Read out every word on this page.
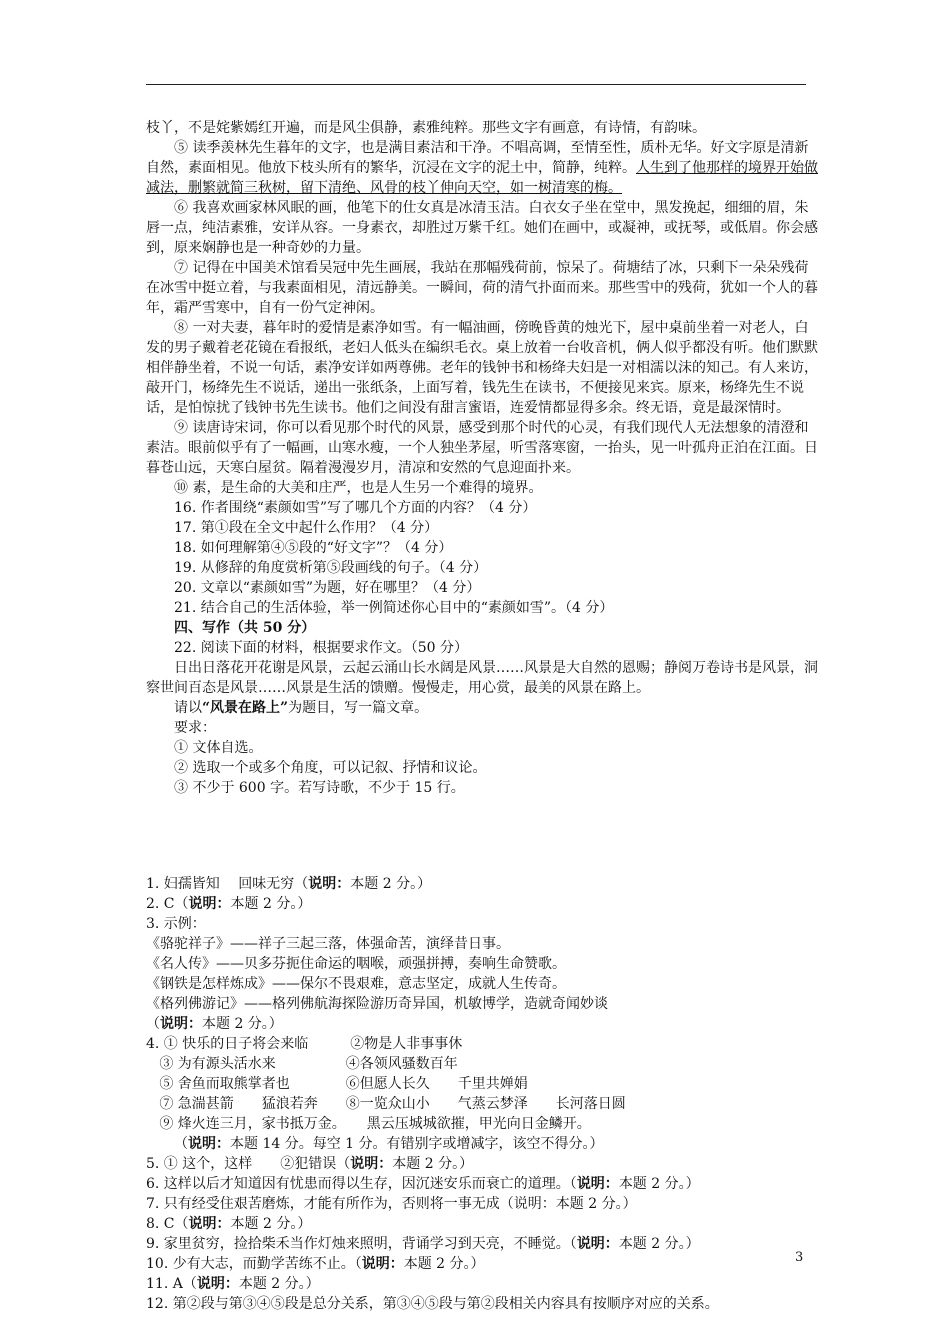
枝丫，不是姹紫嫣红开遍，而是风尘俱静，素雅纯粹。那些文字有画意，有诗情，有韵味。

⑤ 读季羡林先生暮年的文字，也是满目素洁和干净。不唱高调，至情至性，质朴无华。好文字原是清新自然，素面相见。他放下枝头所有的繁华，沉浸在文字的泥土中，简静，纯粹。人生到了他那样的境界开始做减法，删繁就简三秋树，留下清绝、风骨的枝丫伸向天空，如一树清寒的梅。

⑥ 我喜欢画家林风眠的画，他笔下的仕女真是冰清玉洁。白衣女子坐在堂中，黑发挽起，细细的眉，朱唇一点，纯洁素雅，安详从容。一身素衣，却胜过万紫千红。她们在画中，或凝神，或抚琴，或低眉。你会感到，原来娴静也是一种奇妙的力量。

⑦ 记得在中国美术馆看吴冠中先生画展，我站在那幅残荷前，惊呆了。荷塘结了冰，只剩下一朵朵残荷在冰雪中挺立着，与我素面相见，清远静美。一瞬间，荷的清气扑面而来。那些雪中的残荷，犹如一个人的暮年，霜严雪寒中，自有一份气定神闲。

⑧ 一对夫妻，暮年时的爱情是素净如雪。有一幅油画，傍晚昏黄的烛光下，屋中桌前坐着一对老人，白发的男子戴着老花镜在看报纸，老妇人低头在编织毛衣。桌上放着一台收音机，俩人似乎都没有听。他们默默相伴静坐着，不说一句话，素净安详如两尊佛。老年的钱钟书和杨绛夫妇是一对相濡以沫的知己。有人来访，敲开门，杨绛先生不说话，递出一张纸条，上面写着，钱先生在读书，不便接见来宾。原来，杨绛先生不说话，是怕惊扰了钱钟书先生读书。他们之间没有甜言蜜语，连爱情都显得多余。终无语，竟是最深情时。

⑨ 读唐诗宋词，你可以看见那个时代的风景，感受到那个时代的心灵，有我们现代人无法想象的清澄和素洁。眼前似乎有了一幅画，山寒水瘦，一个人独坐茅屋，听雪落寒窗，一抬头，见一叶孤舟正泊在江面。日暮苍山远，天寒白屋贫。隔着漫漫岁月，清凉和安然的气息迎面扑来。

⑩ 素，是生命的大美和庄严，也是人生另一个难得的境界。

16. 作者围绕“素颜如雪”写了哪几个方面的内容？（4 分）

17. 第①段在全文中起什么作用？（4 分）

18. 如何理解第④⑤段的“好文字”？（4 分）

19. 从修辞的角度赏析第⑤段画线的句子。（4 分）

20. 文章以“素颜如雪”为题，好在哪里？（4 分）

21. 结合自己的生活体验，举一例简述你心目中的“素颜如雪”。（4 分）

四、写作（共 50 分）

22. 阅读下面的材料，根据要求作文。（50 分）

日出日落花开花谢是风景，云起云涌山长水阔是风景……风景是大自然的恩赐；静阅万卷诗书是风景，洞察世间百态是风景……风景是生活的馈赠。慢慢走，用心赏，最美的风景在路上。

请以“风景在路上”为题目，写一篇文章。

要求：

① 文体自选。

② 选取一个或多个角度，可以记叙、抒情和议论。

③ 不少于 600 字。若写诗歌，不少于 15 行。

1. 妇孺皆知　 回味无穷（说明：本题 2 分。）

2. C（说明：本题 2 分。）

3. 示例：

《骆驼祥子》——祥子三起三落，体强命苦，演绎昔日事。

《名人传》——贝多芬扼住命运的咽喉，顽强拼搏，奏响生命赞歌。

《钢铁是怎样炼成》——保尔不畏艰难，意志坚定，成就人生传奇。

《格列佛游记》——格列佛航海探险游历奇异国，机敏博学，造就奇闻妙谈

（说明：本题 2 分。）

4. ① 快乐的日子将会来临　　　②物是人非事事休

③ 为有源头活水来　　　　　④各领风骚数百年

⑤ 舍鱼而取熊掌者也　　　　⑥但愿人长久　　千里共婵娟

⑦ 急湍甚箭　　猛浪若奔　　⑧一览众山小　　气蒸云梦泽　　长河落日圆

⑨ 烽火连三月，家书抵万金。　　黑云压城城欲摧，甲光向日金鳞开。

（说明：本题 14 分。每空 1 分。有错别字或增减字，该空不得分。）

5. ① 这个，这样　　②犯错误（说明：本题 2 分。）

6. 这样以后才知道因有忧患而得以生存，因沉迷安乐而衰亡的道理。（说明：本题 2 分。）

7. 只有经受住艰苦磨炼，才能有所作为，否则将一事无成（说明：本题 2 分。）

8. C（说明：本题 2 分。）

9. 家里贫穷，捡拾柴禾当作灯烛来照明，背诵学习到天亮，不睡觉。（说明：本题 2 分。）

10. 少有大志，而勤学苦练不止。（说明：本题 2 分。）

11. A（说明：本题 2 分。）

12. 第②段与第③④⑤段是总分关系，第③④⑤段与第②段相关内容具有按顺序对应的关系。

3
